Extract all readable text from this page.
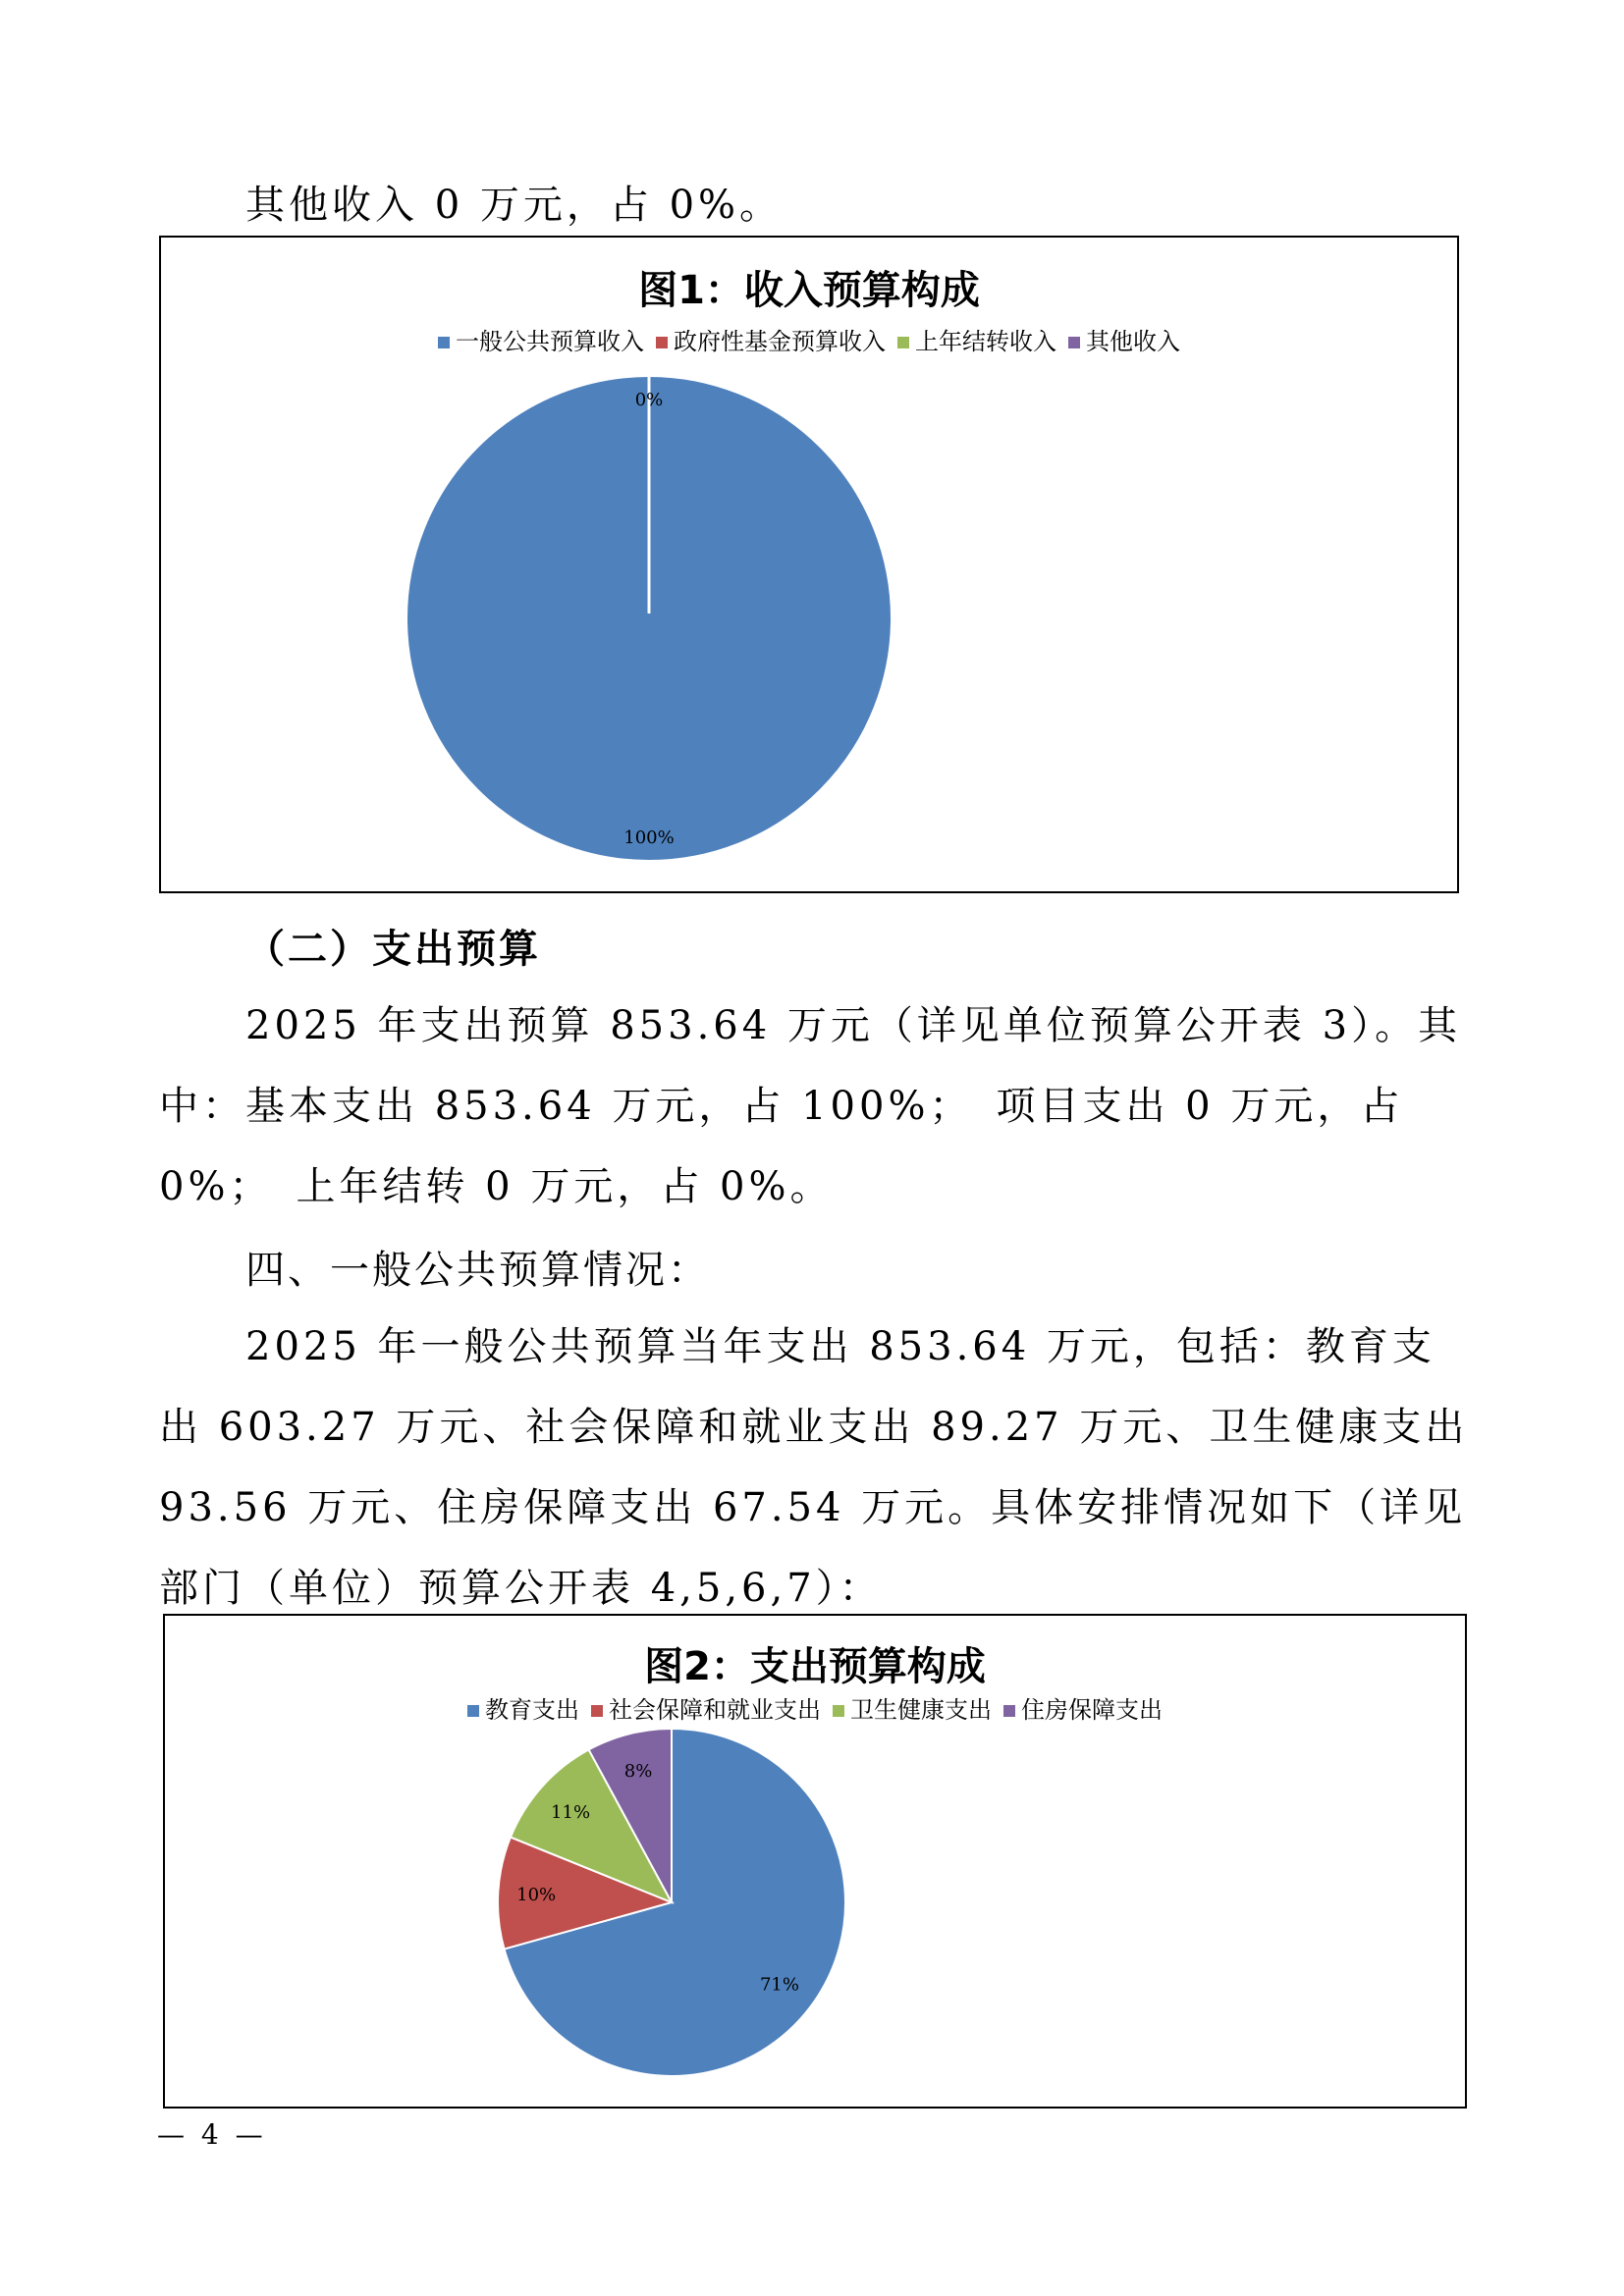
其他收入 0 万元，占 0%。

图1：收入预算构成

一般公共预算收入 政府性基金预算收入 上年结转收入 其他收入
0%
100%

（二）支出预算

2025 年支出预算 853.64 万元（详见单位预算公开表 3）。其中：基本支出 853.64 万元，占 100%；　项目支出 0 万元，占 0%；　上年结转 0 万元，占 0%。

四、一般公共预算情况：

2025 年一般公共预算当年支出 853.64 万元，包括：教育支出 603.27 万元、社会保障和就业支出 89.27 万元、卫生健康支出 93.56 万元、住房保障支出 67.54 万元。具体安排情况如下（详见部门（单位）预算公开表 4,5,6,7）：

图2：支出预算构成

教育支出 社会保障和就业支出 卫生健康支出 住房保障支出
71%
10%
11%
8%
— 4 —
